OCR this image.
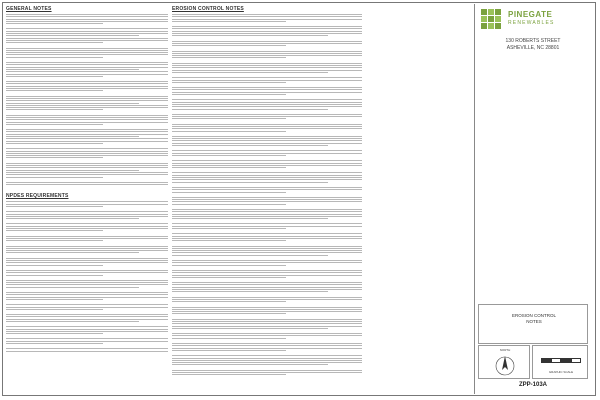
GENERAL NOTES
NPDES REQUIREMENTS
EROSION CONTROL NOTES
PINEGATE
RENEWABLES
130 ROBERTS STREET
ASHEVILLE, NC 28801
EROSION CONTROL
NOTES
NORTH
GRAPHIC SCALE
ZPP-103A
